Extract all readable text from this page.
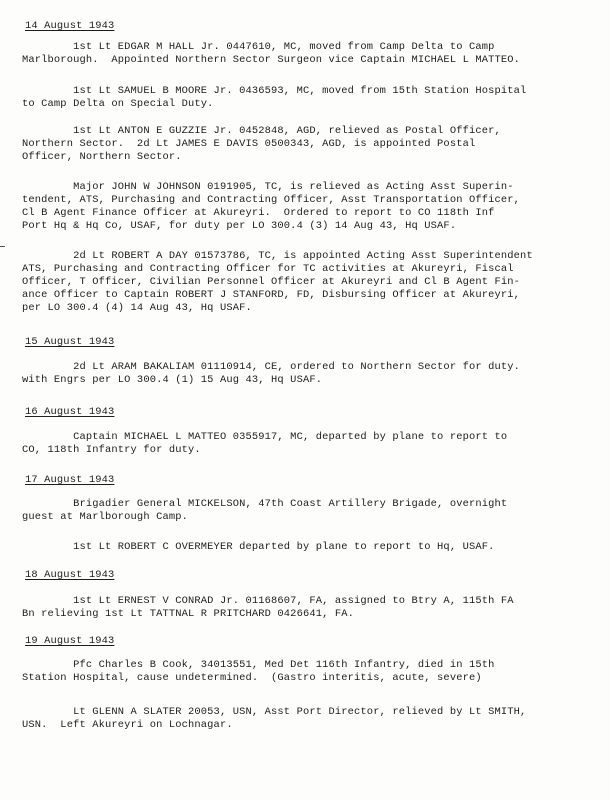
14 August 1943
1st Lt EDGAR M HALL Jr. 0447610, MC, moved from Camp Delta to Camp
Marlborough.  Appointed Northern Sector Surgeon vice Captain MICHAEL L MATTEO.
1st Lt SAMUEL B MOORE Jr. 0436593, MC, moved from 15th Station Hospital
to Camp Delta on Special Duty.
1st Lt ANTON E GUZZIE Jr. 0452848, AGD, relieved as Postal Officer,
Northern Sector.  2d Lt JAMES E DAVIS 0500343, AGD, is appointed Postal
Officer, Northern Sector.
Major JOHN W JOHNSON 0191905, TC, is relieved as Acting Asst Superin-
tendent, ATS, Purchasing and Contracting Officer, Asst Transportation Officer,
Cl B Agent Finance Officer at Akureyri.  Ordered to report to CO 118th Inf
Port Hq & Hq Co, USAF, for duty per LO 300.4 (3) 14 Aug 43, Hq USAF.
2d Lt ROBERT A DAY 01573786, TC, is appointed Acting Asst Superintendent
ATS, Purchasing and Contracting Officer for TC activities at Akureyri, Fiscal
Officer, T Officer, Civilian Personnel Officer at Akureyri and Cl B Agent Fin-
ance Officer to Captain ROBERT J STANFORD, FD, Disbursing Officer at Akureyri,
per LO 300.4 (4) 14 Aug 43, Hq USAF.
15 August 1943
2d Lt ARAM BAKALIAM 01110914, CE, ordered to Northern Sector for duty.
with Engrs per LO 300.4 (1) 15 Aug 43, Hq USAF.
16 August 1943
Captain MICHAEL L MATTEO 0355917, MC, departed by plane to report to
CO, 118th Infantry for duty.
17 August 1943
Brigadier General MICKELSON, 47th Coast Artillery Brigade, overnight
guest at Marlborough Camp.
1st Lt ROBERT C OVERMEYER departed by plane to report to Hq, USAF.
18 August 1943
1st Lt ERNEST V CONRAD Jr. 01168607, FA, assigned to Btry A, 115th FA
Bn relieving 1st Lt TATTNAL R PRITCHARD 0426641, FA.
19 August 1943
Pfc Charles B Cook, 34013551, Med Det 116th Infantry, died in 15th
Station Hospital, cause undetermined.  (Gastro interitis, acute, severe)
Lt GLENN A SLATER 20053, USN, Asst Port Director, relieved by Lt SMITH,
USN.  Left Akureyri on Lochnagar.
